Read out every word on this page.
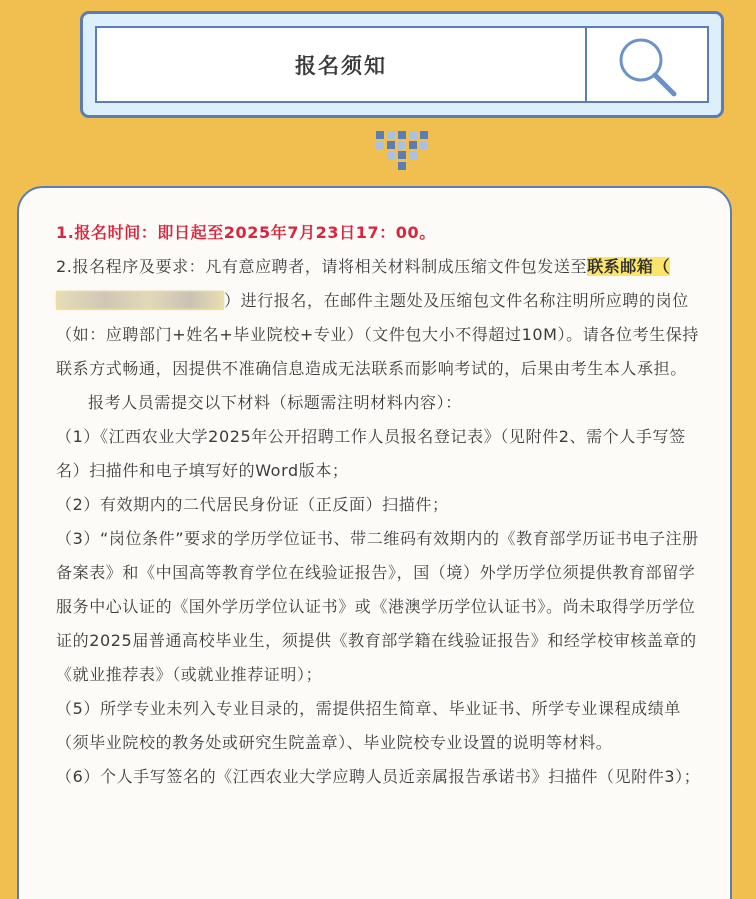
报名须知

1.报名时间：即日起至2025年7月23日17：00。

2.报名程序及要求：凡有意应聘者，请将相关材料制成压缩文件包发送至联系邮箱（）进行报名，在邮件主题处及压缩包文件名称注明所应聘的岗位（如：应聘部门+姓名+毕业院校+专业）（文件包大小不得超过10M）。请各位考生保持联系方式畅通，因提供不准确信息造成无法联系而影响考试的，后果由考生本人承担。

报考人员需提交以下材料（标题需注明材料内容）：

（1）《江西农业大学2025年公开招聘工作人员报名登记表》（见附件2、需个人手写签名）扫描件和电子填写好的Word版本；

（2）有效期内的二代居民身份证（正反面）扫描件；

（3）“岗位条件”要求的学历学位证书、带二维码有效期内的《教育部学历证书电子注册备案表》和《中国高等教育学位在线验证报告》，国（境）外学历学位须提供教育部留学服务中心认证的《国外学历学位认证书》或《港澳学历学位认证书》。尚未取得学历学位证的2025届普通高校毕业生，须提供《教育部学籍在线验证报告》和经学校审核盖章的《就业推荐表》（或就业推荐证明）；

（5）所学专业未列入专业目录的，需提供招生简章、毕业证书、所学专业课程成绩单（须毕业院校的教务处或研究生院盖章）、毕业院校专业设置的说明等材料。

（6）个人手写签名的《江西农业大学应聘人员近亲属报告承诺书》扫描件（见附件3）；
